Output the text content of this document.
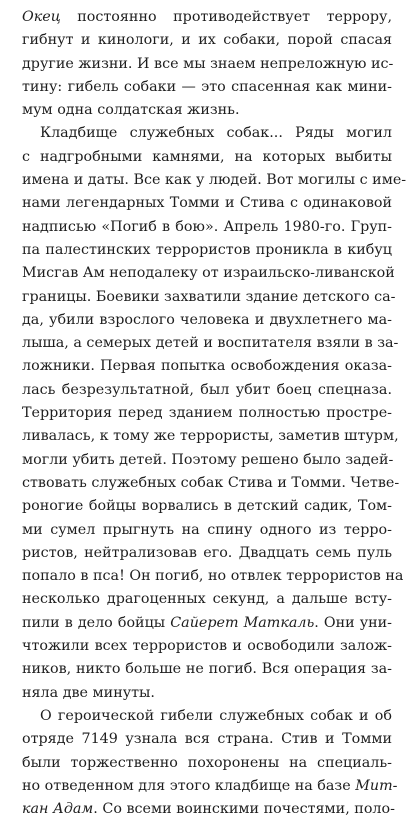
Окец постоянно противодействует террору,
гибнут и кинологи, и их собаки, порой спасая
другие жизни. И все мы знаем непреложную ис-
тину: гибель собаки — это спасенная как мини-
мум одна солдатская жизнь.
Кладбище служебных собак... Ряды могил
с надгробными камнями, на которых выбиты
имена и даты. Все как у людей. Вот могилы с име-
нами легендарных Томми и Стива с одинаковой
надписью «Погиб в бою». Апрель 1980-го. Груп-
па палестинских террористов проникла в кибуц
Мисгав Ам неподалеку от израильско-ливанской
границы. Боевики захватили здание детского са-
да, убили взрослого человека и двухлетнего ма-
лыша, а семерых детей и воспитателя взяли в за-
ложники. Первая попытка освобождения оказа-
лась безрезультатной, был убит боец спецназа.
Территория перед зданием полностью простре-
ливалась, к тому же террористы, заметив штурм,
могли убить детей. Поэтому решено было задей-
ствовать служебных собак Стива и Томми. Четве-
роногие бойцы ворвались в детский садик, Том-
ми сумел прыгнуть на спину одного из терро-
ристов, нейтрализовав его. Двадцать семь пуль
попало в пса! Он погиб, но отвлек террористов на
несколько драгоценных секунд, а дальше всту-
пили в дело бойцы Сайерет Маткаль. Они уни-
чтожили всех террористов и освободили залож-
ников, никто больше не погиб. Вся операция за-
няла две минуты.
О героической гибели служебных собак и об
отряде 7149 узнала вся страна. Стив и Томми
были торжественно похоронены на специаль-
но отведенном для этого кладбище на базе Мит-
кан Адам. Со всеми воинскими почестями, поло-
